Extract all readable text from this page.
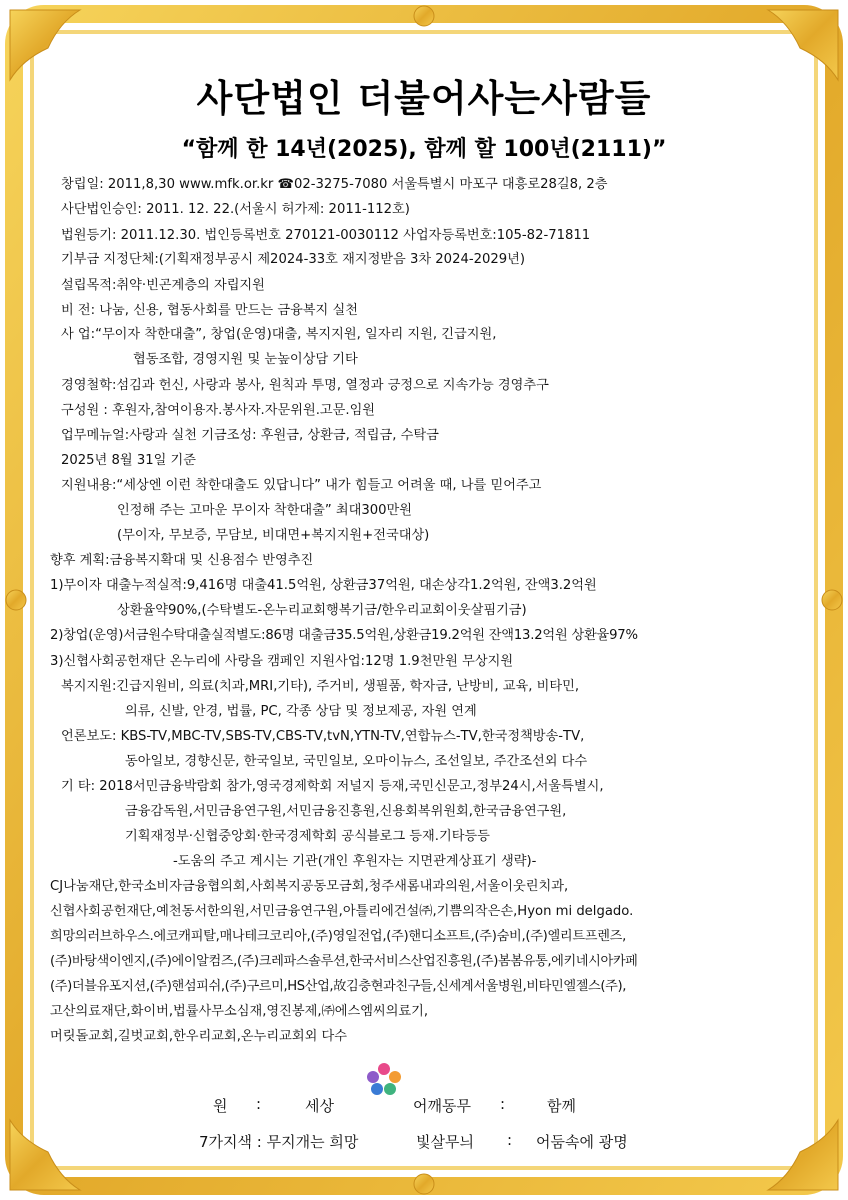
사단법인 더불어사는사람들
“함께 한 14년(2025), 함께 할 100년(2111)”
창립일: 2011,8,30 www.mfk.or.kr ☎02-3275-7080 서울특별시 마포구 대흥로28길8, 2층
사단법인승인: 2011. 12. 22.(서울시 허가제: 2011-112호)
법원등기: 2011.12.30. 법인등록번호 270121-0030112 사업자등록번호:105-82-71811
기부금 지정단체:(기획재정부공시 제2024-33호 재지정받음 3차 2024-2029년)
설립목적:취약·빈곤계층의 자립지원
비 전: 나눔, 신용, 협동사회를 만드는 금융복지 실천
사 업:“무이자 착한대출”, 창업(운영)대출, 복지지원, 일자리 지원, 긴급지원,
협동조합, 경영지원 및 눈높이상담 기타
경영철학:섬김과 헌신, 사랑과 봉사, 원칙과 투명, 열정과 긍정으로 지속가능 경영추구
구성원 : 후원자,참여이용자.봉사자.자문위원.고문.임원
업무메뉴얼:사랑과 실천 기금조성: 후원금, 상환금, 적립금, 수탁금
2025년 8월 31일 기준
지원내용:“세상엔 이런 착한대출도 있답니다” 내가 힘들고 어려울 때, 나를 믿어주고
인정해 주는 고마운 무이자 착한대출” 최대300만원
(무이자, 무보증, 무담보, 비대면+복지지원+전국대상)
향후 계획:금융복지확대 및 신용점수 반영추진
1)무이자 대출누적실적:9,416명 대출41.5억원, 상환금37억원, 대손상각1.2억원, 잔액3.2억원
상환율약90%,(수탁별도-온누리교회행복기금/한우리교회이웃살핌기금)
2)창업(운영)서금원수탁대출실적별도:86명 대출금35.5억원,상환금19.2억원 잔액13.2억원 상환율97%
3)신협사회공헌재단 온누리에 사랑을 캠페인 지원사업:12명 1.9천만원 무상지원
복지지원:긴급지원비, 의료(치과,MRI,기타), 주거비, 생필품, 학자금, 난방비, 교육, 비타민,
의류, 신발, 안경, 법률, PC, 각종 상담 및 정보제공, 자원 연계
언론보도: KBS-TV,MBC-TV,SBS-TV,CBS-TV,tvN,YTN-TV,연합뉴스-TV,한국정책방송-TV,
동아일보, 경향신문, 한국일보, 국민일보, 오마이뉴스, 조선일보, 주간조선외 다수
기 타: 2018서민금융박람회 참가,영국경제학회 저널지 등재,국민신문고,정부24시,서울특별시,
금융감독원,서민금융연구원,서민금융진흥원,신용회복위원회,한국금융연구원,
기획재정부·신협중앙회·한국경제학회 공식블로그 등재.기타등등
-도움의 주고 계시는 기관(개인 후원자는 지면관계상표기 생략)-
CJ나눔재단,한국소비자금융협의회,사회복지공동모금회,청주새롬내과의원,서울이웃린치과,
신협사회공헌재단,예천동서한의원,서민금융연구원,아틀리에건설㈜,기쁨의작은손,Hyon mi delgado.
희망의러브하우스.에코캐피탈,매나테크코리아,(주)영일전업,(주)핸디소프트,(주)숨비,(주)엘리트프렌즈,
(주)바탕색이엔지,(주)에이알컴즈,(주)크레파스솔루션,한국서비스산업진흥원,(주)봄봄유통,에키네시아카페
(주)더블유포지션,(주)핸섬피쉬,(주)구르미,HS산업,故김충현과친구들,신세계서울병원,비타민엘젤스(주),
고산의료재단,화이버,법률사무소심재,영진봉제,㈜에스엠씨의료기,
머릿돌교회,길벗교회,한우리교회,온누리교회외 다수
원 :	세상	어깨동무 :	함께
7가지색 : 무지개는 희망	빛살무늬 : 어둠속에 광명
